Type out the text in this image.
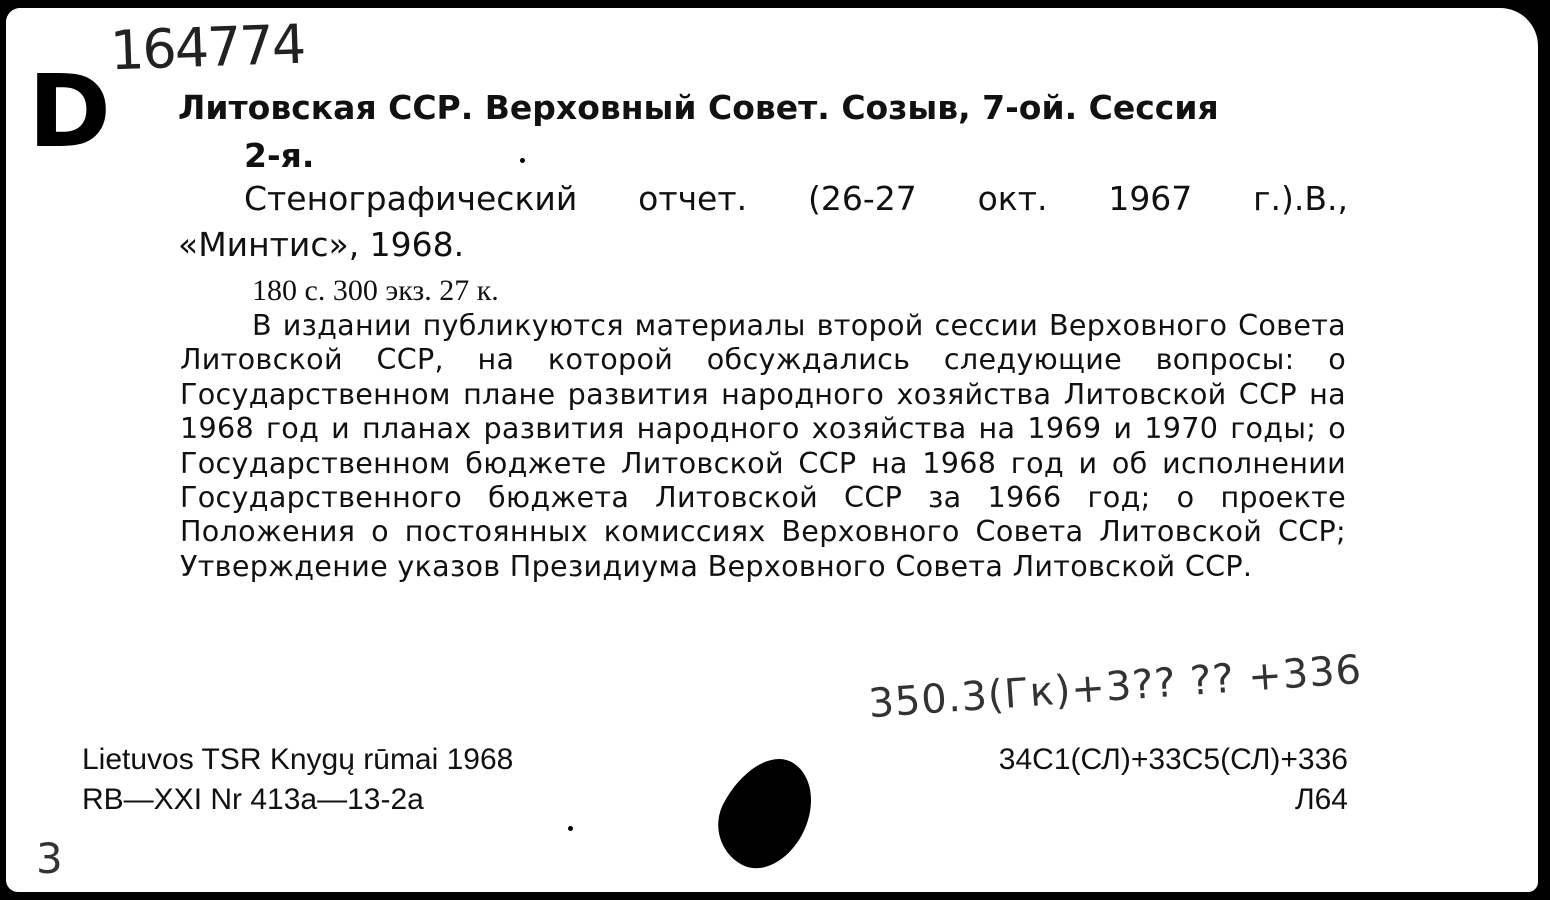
164774
D Литовская ССР. Верховный Совет. Созыв, 7-ой. Сессия
2-я.
Стенографический отчет. (26-27 окт. 1967 г.). В.,
«Минтис», 1968.
180 с. 300 экз. 27 к.
В издании публикуются материалы второй сессии Верховного Совета Литовской ССР, на которой обсуждались следующие вопросы: о Государственном плане развития народного хозяйства Литовской ССР на 1968 год и планах развития народного хозяйства на 1969 и 1970 годы; о Государственном бюджете Литовской ССР на 1968 год и об исполнении Государственного бюджета Литовской ССР за 1966 год; о проекте Положения о постоянных комиссиях Верховного Совета Литовской ССР; Утверждение указов Президиума Верховного Совета Литовской ССР.
350.3(Гк)+3?? ?? +336
Lietuvos TSR Knygų rūmai 1968
RB—XXI Nr 413a—13-2a
34С1(СЛ)+33С5(СЛ)+336
Л64
3
